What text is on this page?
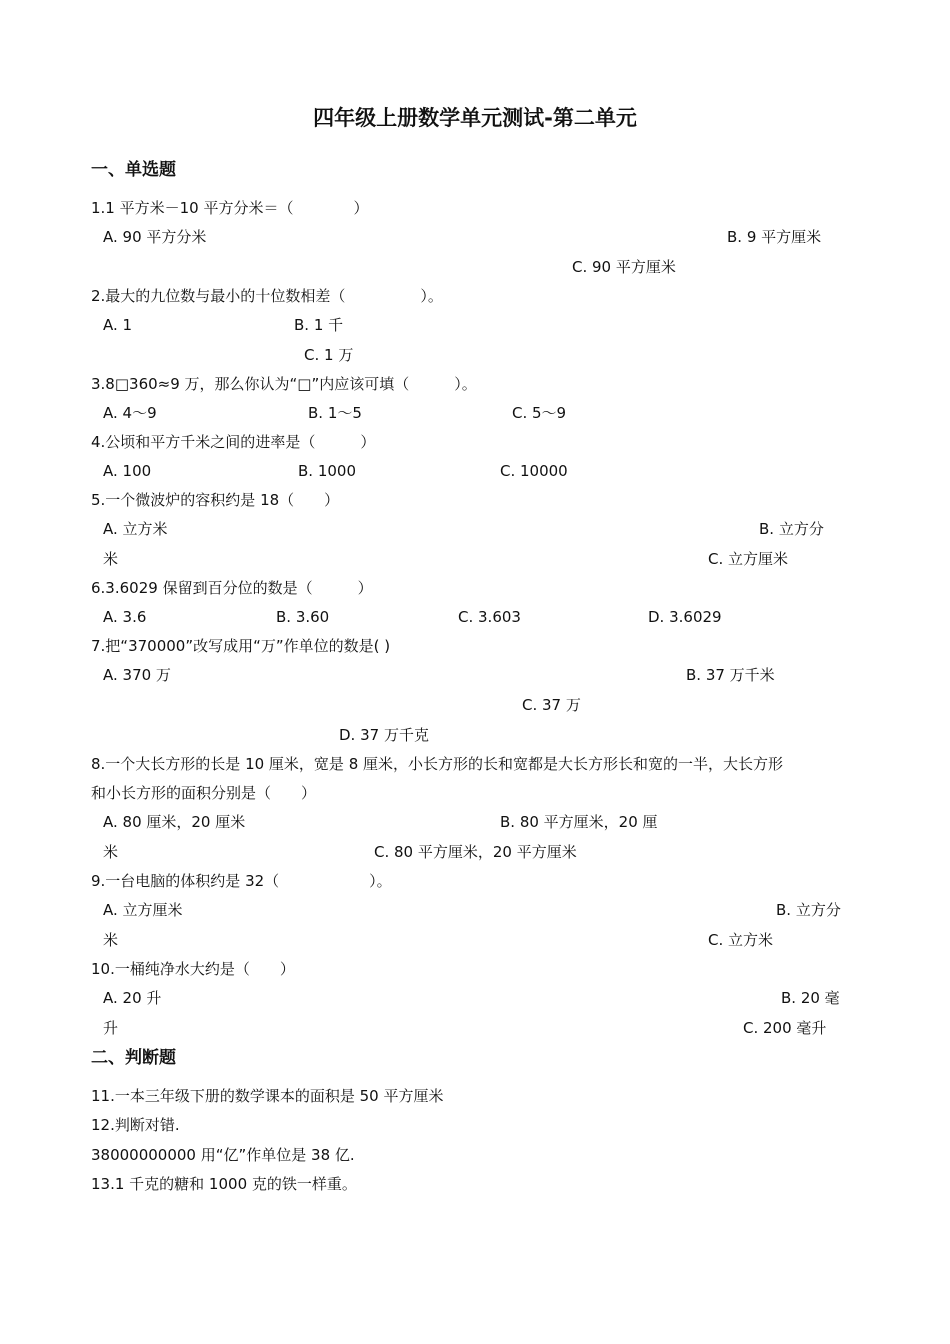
四年级上册数学单元测试-第二单元
一、单选题
1.1 平方米－10 平方分米＝（　　　　）
A. 90 平方分米	B. 9 平方厘米
C. 90 平方厘米
2.最大的九位数与最小的十位数相差（　　　　　）。
A. 1	B. 1 千
C. 1 万
3.8□360≈9 万，那么你认为“□”内应该可填（　　　）。
A. 4～9	B. 1～5	C. 5～9
4.公顷和平方千米之间的进率是（　　　）
A. 100	B. 1000	C. 10000
5.一个微波炉的容积约是 18（　　）
A. 立方米	B. 立方分
米	C. 立方厘米
6.3.6029 保留到百分位的数是（　　　）
A. 3.6	B. 3.60	C. 3.603	D. 3.6029
7.把“370000”改写成用“万”作单位的数是( )
A. 370 万	B. 37 万千米
C. 37 万
D. 37 万千克
8.一个大长方形的长是 10 厘米，宽是 8 厘米，小长方形的长和宽都是大长方形长和宽的一半，大长方形
和小长方形的面积分别是（　　）
A. 80 厘米，20 厘米	B. 80 平方厘米，20 厘
米	C. 80 平方厘米，20 平方厘米
9.一台电脑的体积约是 32（　　　　　　）。
A. 立方厘米	B. 立方分
米	C. 立方米
10.一桶纯净水大约是（　　）
A. 20 升	B. 20 毫
升	C. 200 毫升
二、判断题
11.一本三年级下册的数学课本的面积是 50 平方厘米
12.判断对错.
38000000000 用“亿”作单位是 38 亿.
13.1 千克的糖和 1000 克的铁一样重。
